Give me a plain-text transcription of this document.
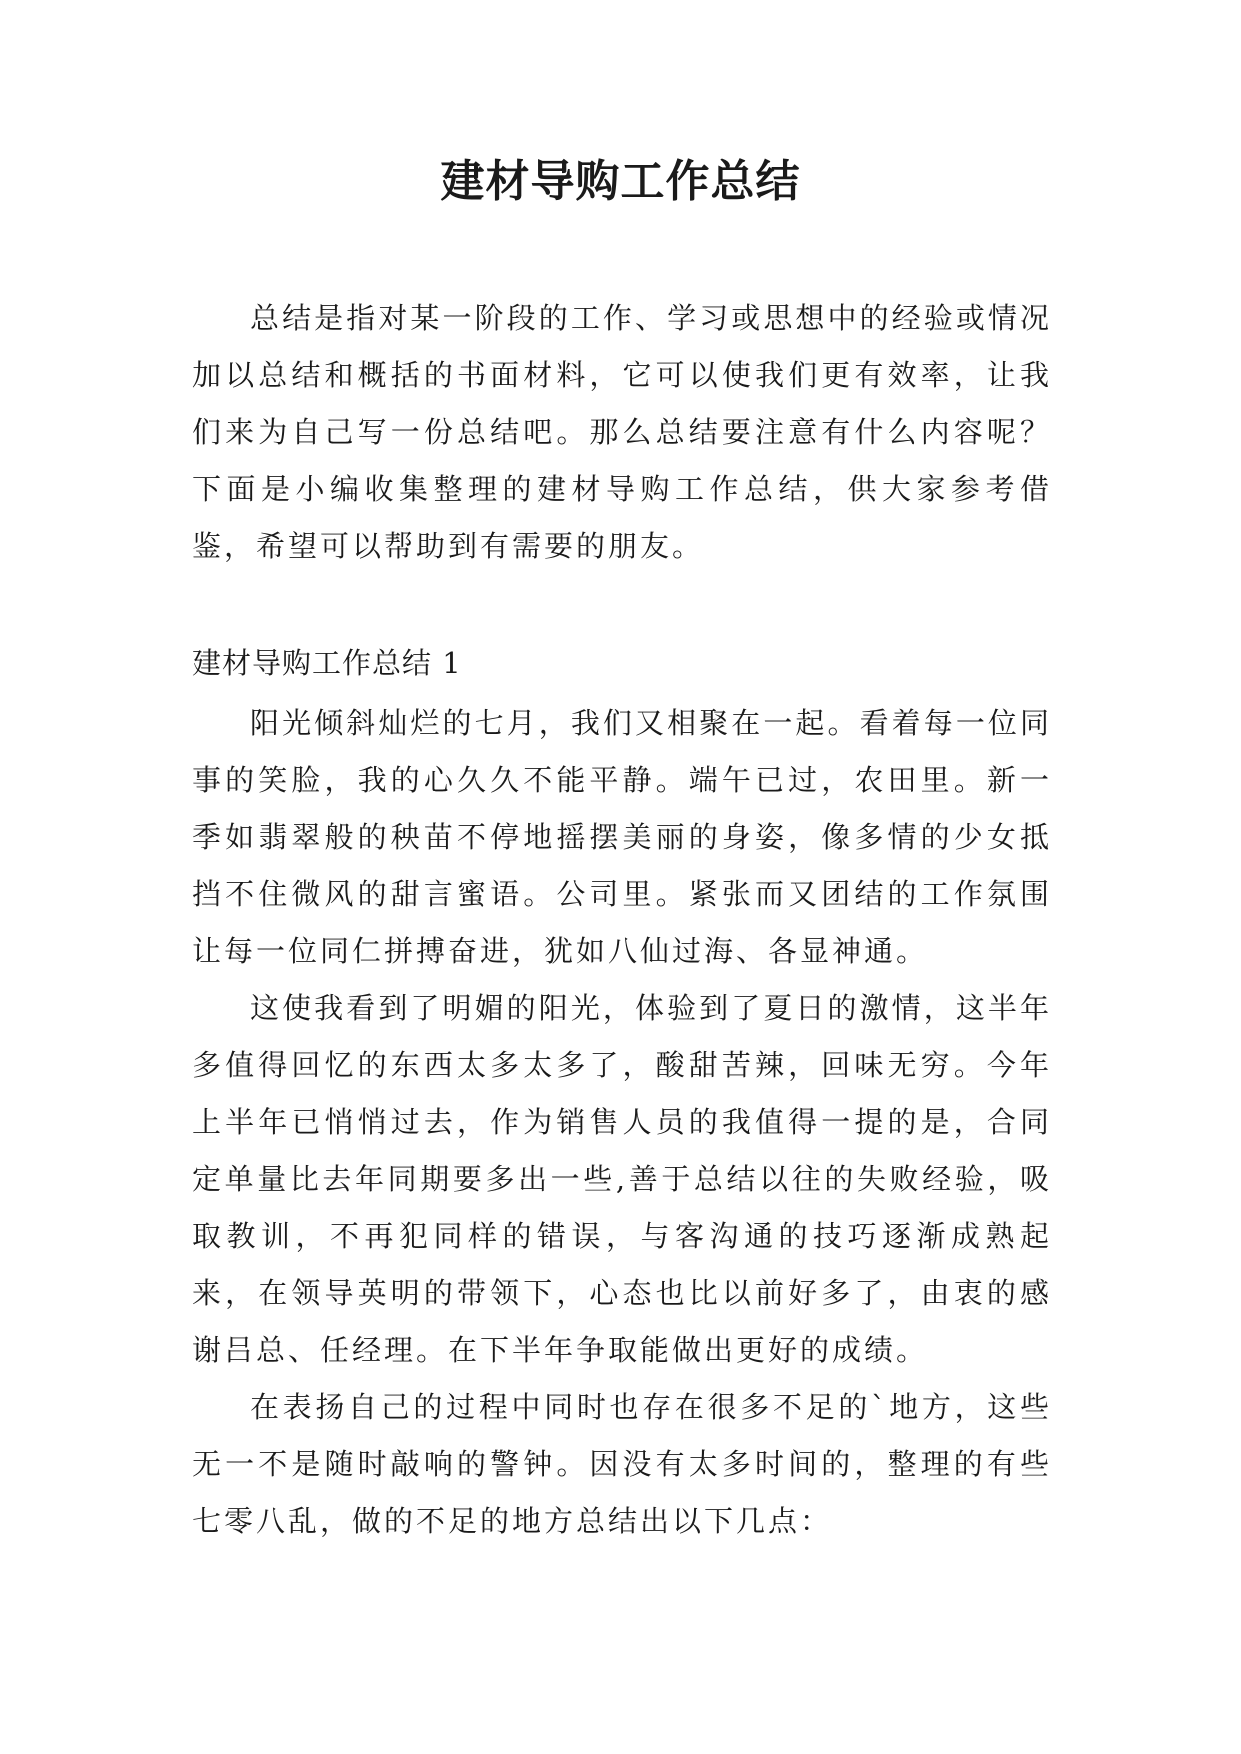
建材导购工作总结

总结是指对某一阶段的工作、学习或思想中的经验或情况加以总结和概括的书面材料，它可以使我们更有效率，让我们来为自己写一份总结吧。那么总结要注意有什么内容呢？下面是小编收集整理的建材导购工作总结，供大家参考借鉴，希望可以帮助到有需要的朋友。

建材导购工作总结 1

阳光倾斜灿烂的七月，我们又相聚在一起。看着每一位同事的笑脸，我的心久久不能平静。端午已过，农田里。新一季如翡翠般的秧苗不停地摇摆美丽的身姿，像多情的少女抵挡不住微风的甜言蜜语。公司里。紧张而又团结的工作氛围让每一位同仁拼搏奋进，犹如八仙过海、各显神通。

这使我看到了明媚的阳光，体验到了夏日的激情，这半年多值得回忆的东西太多太多了，酸甜苦辣，回味无穷。今年上半年已悄悄过去，作为销售人员的我值得一提的是，合同定单量比去年同期要多出一些,善于总结以往的失败经验，吸取教训，不再犯同样的错误，与客沟通的技巧逐渐成熟起来，在领导英明的带领下，心态也比以前好多了，由衷的感谢吕总、任经理。在下半年争取能做出更好的成绩。

在表扬自己的过程中同时也存在很多不足的`地方，这些无一不是随时敲响的警钟。因没有太多时间的，整理的有些七零八乱，做的不足的地方总结出以下几点：
